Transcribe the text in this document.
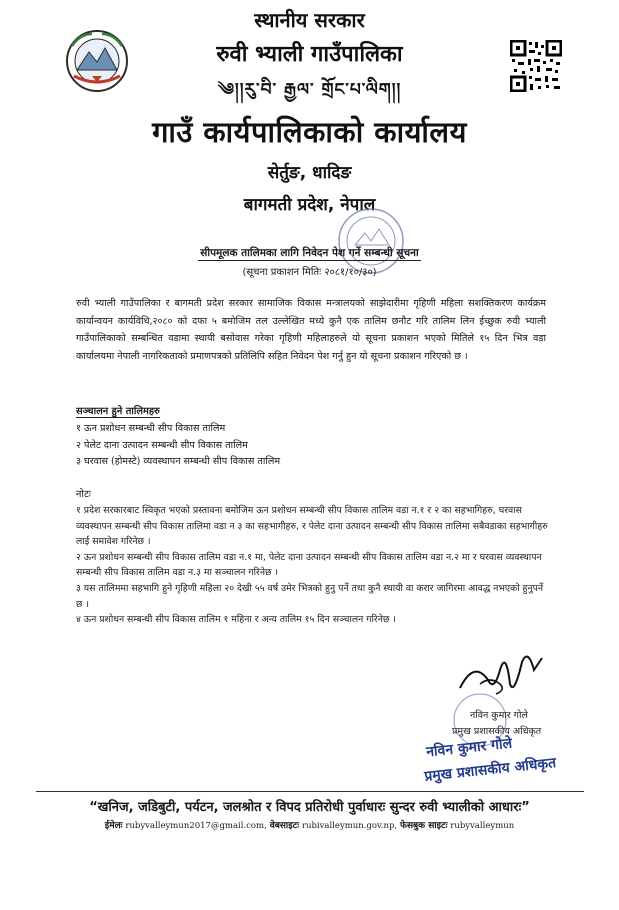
स्थानीय सरकार
रुवी भ्याली गाउँपालिका
༄།།རུ་བི་ རྒྱལ་ གྲོང་པ་ལིག།།
गाउँ कार्यपालिकाको कार्यालय
सेर्तुङ, धादिङ
बागमती प्रदेश, नेपाल
सीपमूलक तालिमका लागि निवेदन पेश गर्ने सम्बन्धी सूचना
(सूचना प्रकाशन मितिः २०८१/१०/३०)
रुवी भ्याली गाउँपालिका र बागमती प्रदेश सरकार सामाजिक विकास मन्त्रालयको साझेदारीमा गृहिणी महिला सशक्तिकरण कार्यक्रम कार्यान्वयन कार्यविधि,२०८० को दफा ५ बमोजिम तल उल्लेखित मध्ये कुनै एक तालिम छनौट गरि तालिम लिन ईच्छुक रुवी भ्याली गाउँपालिकाको सम्बन्धित वडामा स्थायी बसोवास गरेका गृहिणी महिलाहरुले यो सूचना प्रकाशन भएको मितिले १५ दिन भित्र वडा कार्यालयमा नेपाली नागरिकताको प्रमाणपत्रको प्रतिलिपि सहित निवेदन पेश गर्नु हुन यो सूचना प्रकाशन गरिएको छ ।
सञ्चालन हुने तालिमहरु
१ ऊन प्रशोधन सम्बन्धी सीप विकास तालिम
२ पेलेट दाना उत्पादन सम्बन्धी सीप विकास तालिम
३ घरवास (होमस्टे) व्यवस्थापन सम्बन्धी सीप विकास तालिम
नोटः
१ प्रदेश सरकारबाट स्विकृत भएको प्रस्तावना बमोजिम ऊन प्रशोधन सम्बन्धी सीप विकास तालिम वडा न.१ र २ का सहभागिहरु, घरवास व्यवस्थापन सम्बन्धी सीप विकास तालिमा वडा न ३ का सहभागीहरु, र पेलेट दाना उत्पादन सम्बन्धी सीप विकास तालिमा सबैवडाका सहभागीहरु लाई समावेश गरिनेछ ।
२ ऊन प्रशोधन सम्बन्धी सीप विकास तालिम वडा न.१ मा, पेलेट दाना उत्पादन सम्बन्धी सीप विकास तालिम वडा न.२ मा र घरवास व्यवस्थापन सम्बन्धी सीप विकास तालिम वडा न.३ मा सञ्चालन गरिनेछ ।
३ यस तालिममा सहभागि हुने गृहिणी महिला २० देखी ५५ वर्ष उमेर भित्रको हुनु पर्ने तथा कुनै स्थायी वा करार जागिरमा आवद्ध नभएको हुनुपर्ने छ ।
४ ऊन प्रशोधन सम्बन्धी सीप विकास तालिम १ महिना र अन्य तालिम १५ दिन सञ्चालन गरिनेछ ।
नविन कुमार गोले
प्रमुख प्रशासकीय अधिकृत
नविन कुमार गोले
प्रमुख प्रशासकीय अधिकृत
“खनिज, जडिबुटी, पर्यटन, जलश्रोत र विपद प्रतिरोधी पुर्वाधारः सुन्दर रुवी भ्यालीको आधारः”
ईमेलः rubyvalleymun2017@gmail.com, वेबसाइटः rubivalleymun.gov.np, फेसबुक साइटः rubyvalleymun
